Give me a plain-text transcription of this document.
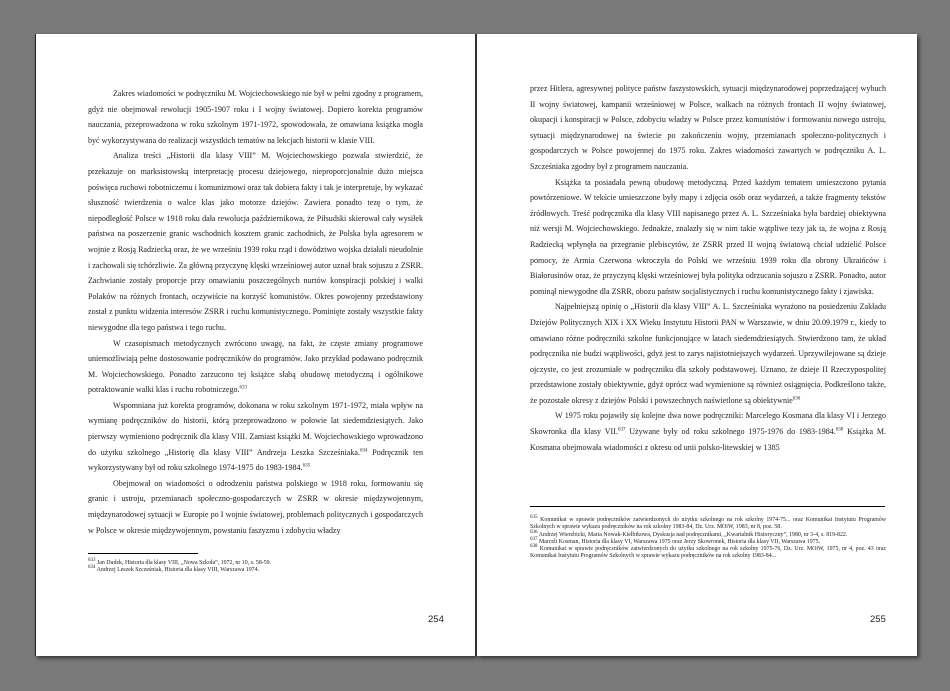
Zakres wiadomości w podręczniku M. Wojciechowskiego nie był w pełni zgodny z programem, gdyż nie obejmował rewolucji 1905-1907 roku i I wojny światowej. Dopiero korekta programów nauczania, przeprowadzona w roku szkolnym 1971-1972, spowodowała, że omawiana książka mogła być wykorzystywana do realizacji wszystkich tematów na lekcjach historii w klasie VIII.

Analiza treści „Historii dla klasy VIII” M. Wojciechowskiego pozwala stwierdzić, że przekazuje on marksistowską interpretację procesu dziejowego, nieproporcjonalnie dużo miejsca poświęca ruchowi robotniczemu i komunizmowi oraz tak dobiera fakty i tak je interpretuje, by wykazać słuszność twierdzenia o walce klas jako motorze dziejów. Zawiera ponadto tezę o tym, że niepodległość Polsce w 1918 roku dała rewolucja październikowa, że Piłsudski skierował cały wysiłek państwa na poszerzenie granic wschodnich kosztem granic zachodnich, że Polska była agresorem w wojnie z Rosją Radziecką oraz, że we wrześniu 1939 roku rząd i dowództwo wojska działali nieudolnie i zachowali się tchórzliwie. Za główną przyczynę klęski wrześniowej autor uznał brak sojuszu z ZSRR. Zachwianie zostały proporcje przy omawianiu poszczególnych nurtów konspiracji polskiej i walki Polaków na różnych frontach, oczywiście na korzyść komunistów. Okres powojenny przedstawiony został z punktu widzenia interesów ZSRR i ruchu komunistycznego. Pominięte zostały wszystkie fakty niewygodne dla tego państwa i tego ruchu.

W czasopismach metodycznych zwrócono uwagę, na fakt, że częste zmiany programowe uniemożliwiają pełne dostosowanie podręczników do programów. Jako przykład podawano podręcznik M. Wojciechowskiego. Ponadto zarzucono tej książce słabą obudowę metodyczną i ogólnikowe potraktowanie walki klas i ruchu robotniczego.$^{633}$

Wspomniana już korekta programów, dokonana w roku szkolnym 1971-1972, miała wpływ na wymianę podręczników do historii, którą przeprowadzono w połowie lat siedemdziesiątych. Jako pierwszy wymieniono podręcznik dla klasy VIII. Zamiast książki M. Wojciechowskiego wprowadzono do użytku szkolnego „Historię dla klasy VIII” Andrzeja Leszka Szcześniaka.$^{634}$ Podręcznik ten wykorzystywany był od roku szkolnego 1974-1975 do 1983-1984.$^{635}$

Obejmował on wiadomości o odrodzeniu państwa polskiego w 1918 roku, formowaniu się granic i ustroju, przemianach społeczno-gospodarczych w ZSRR w okresie międzywojennym, międzynarodowej sytuacji w Europie po I wojnie światowej, problemach politycznych i gospodarczych w Polsce w okresie międzywojennym, powstaniu faszyzmu i zdobyciu władzy

$^{633}$ Jan Dudek, Historia dla klasy VIII, „Nowa Szkoła”, 1972, nr 10, s. 58-59.

$^{634}$ Andrzej Leszek Szcześniak, Historia dla klasy VIII, Warszawa 1974.

254

przez Hitlera, agresywnej polityce państw faszystowskich, sytuacji międzynarodowej poprzedzającej wybuch II wojny światowej, kampanii wrześniowej w Polsce, walkach na różnych frontach II wojny światowej, okupacji i konspiracji w Polsce, zdobyciu władzy w Polsce przez komunistów i formowaniu nowego ustroju, sytuacji międzynarodowej na świecie po zakończeniu wojny, przemianach społeczno-politycznych i gospodarczych w Polsce powojennej do 1975 roku. Zakres wiadomości zawartych w podręczniku A. L. Szcześniaka zgodny był z programem nauczania.

Książka ta posiadała pewną obudowę metodyczną. Przed każdym tematem umieszczono pytania powtórzeniowe. W tekście umieszczone były mapy i zdjęcia osób oraz wydarzeń, a także fragmenty tekstów źródłowych. Treść podręcznika dla klasy VIII napisanego przez A. L. Szcześniaka była bardziej obiektywna niż wersji M. Wojciechowskiego. Jednakże, znalazły się w nim takie wątpliwe tezy jak ta, że wojna z Rosją Radziecką wpłynęła na przegranie plebiscytów, że ZSRR przed II wojną światową chciał udzielić Polsce pomocy, że Armia Czerwona wkroczyła do Polski we wrześniu 1939 roku dla obrony Ukraińców i Białorusinów oraz, że przyczyną klęski wrześniowej była polityka odrzucania sojuszu z ZSRR. Ponadto, autor pominął niewygodne dla ZSRR, obozu państw socjalistycznych i ruchu komunistycznego fakty i zjawiska.

Najpełniejszą opinię o „Historii dla klasy VIII” A. L. Szcześniaka wyrażono na posiedzeniu Zakładu Dziejów Politycznych XIX i XX Wieku Instytutu Historii PAN w Warszawie, w dniu 20.09.1979 r., kiedy to omawiano różne podręczniki szkolne funkcjonujące w latach siedemdziesiątych. Stwierdzono tam, że układ podręcznika nie budzi wątpliwości, gdyż jest to zarys najistotniejszych wydarzeń. Uprzywilejowane są dzieje ojczyste, co jest zrozumiałe w podręczniku dla szkoły podstawowej. Uznano, że dzieje II Rzeczypospolitej przedstawione zostały obiektywnie, gdyż oprócz wad wymienione są również osiągnięcia. Podkreślono także, że pozostałe okresy z dziejów Polski i powszechnych naświetlone są obiektywnie$^{636}$

W 1975 roku pojawiły się kolejne dwa nowe podręczniki: Marcelego Kosmana dla klasy VI i Jerzego Skowronka dla klasy VII.$^{637}$ Używane były od roku szkolnego 1975-1976 do 1983-1984.$^{638}$ Książka M. Kosmana obejmowała wiadomości z okresu od unii polsko-litewskiej w 1385

$^{635}$ Komunikat w sprawie podręczników zatwierdzonych do użytku szkolnego na rok szkolny 1974-75... oraz Komunikat Instytutu Programów Szkolnych w sprawie wykazu podręczników na rok szkolny 1983-84, Dz. Urz. MOiW, 1983, nr 8, poz. 58.

$^{636}$ Andrzej Wierzbicki, Maria Nowak-Kiełbikowa, Dyskusja nad podręcznikami, „Kwartalnik Historyczny”, 1980, nr 3-4, s. 819-822.

$^{637}$ Marceli Kosman, Historia dla klasy VI, Warszawa 1975 oraz Jerzy Skowronek, Historia dla klasy VII, Warszawa 1975.

$^{638}$ Komunikat w sprawie podręczników zatwierdzonych do użytku szkolnego na rok szkolny 1975-76, Dz. Urz. MOiW, 1975, nr 4, poz. 43 oraz Komunikat Instytutu Programów Szkolnych w sprawie wykazu podręczników na rok szkolny 1983-84...

255
